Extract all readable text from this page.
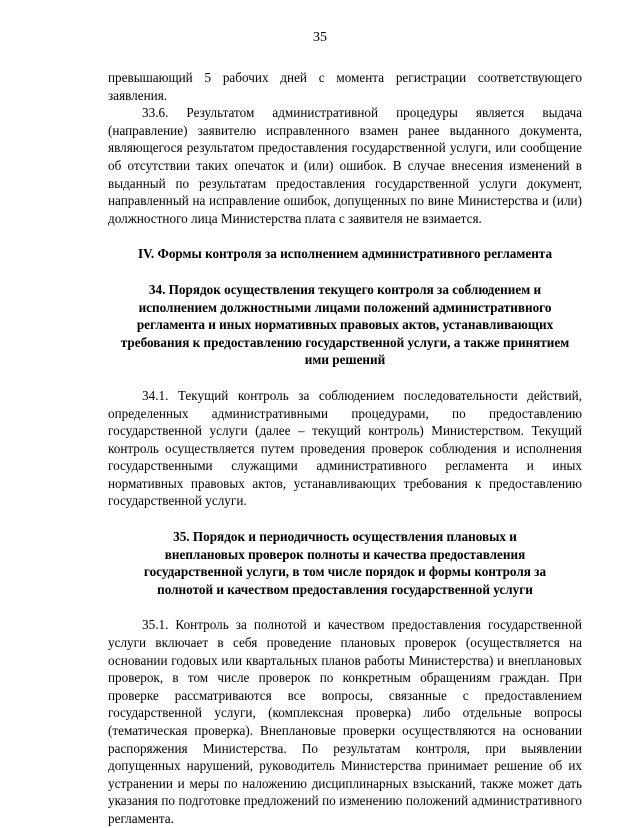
35

превышающий 5 рабочих дней с момента регистрации соответствующего заявления.

33.6. Результатом административной процедуры является выдача (направление) заявителю исправленного взамен ранее выданного документа, являющегося результатом предоставления государственной услуги, или сообщение об отсутствии таких опечаток и (или) ошибок. В случае внесения изменений в выданный по результатам предоставления государственной услуги документ, направленный на исправление ошибок, допущенных по вине Министерства и (или) должностного лица Министерства плата с заявителя не взимается.

IV. Формы контроля за исполнением административного регламента

34. Порядок осуществления текущего контроля за соблюдением и
исполнением должностными лицами положений административного
регламента и иных нормативных правовых актов, устанавливающих
требования к предоставлению государственной услуги, а также принятием
ими решений

34.1. Текущий контроль за соблюдением последовательности действий, определенных административными процедурами, по предоставлению государственной услуги (далее – текущий контроль) Министерством. Текущий контроль осуществляется путем проведения проверок соблюдения и исполнения государственными служащими административного регламента и иных нормативных правовых актов, устанавливающих требования к предоставлению государственной услуги.

35. Порядок и периодичность осуществления плановых и
внеплановых проверок полноты и качества предоставления
государственной услуги, в том числе порядок и формы контроля за
полнотой и качеством предоставления государственной услуги

35.1. Контроль за полнотой и качеством предоставления государственной услуги включает в себя проведение плановых проверок (осуществляется на основании годовых или квартальных планов работы Министерства) и внеплановых проверок, в том числе проверок по конкретным обращениям граждан. При проверке рассматриваются все вопросы, связанные с предоставлением государственной услуги, (комплексная проверка) либо отдельные вопросы (тематическая проверка). Внеплановые проверки осуществляются на основании распоряжения Министерства. По результатам контроля, при выявлении допущенных нарушений, руководитель Министерства принимает решение об их устранении и меры по наложению дисциплинарных взысканий, также может дать указания по подготовке предложений по изменению положений административного регламента.
